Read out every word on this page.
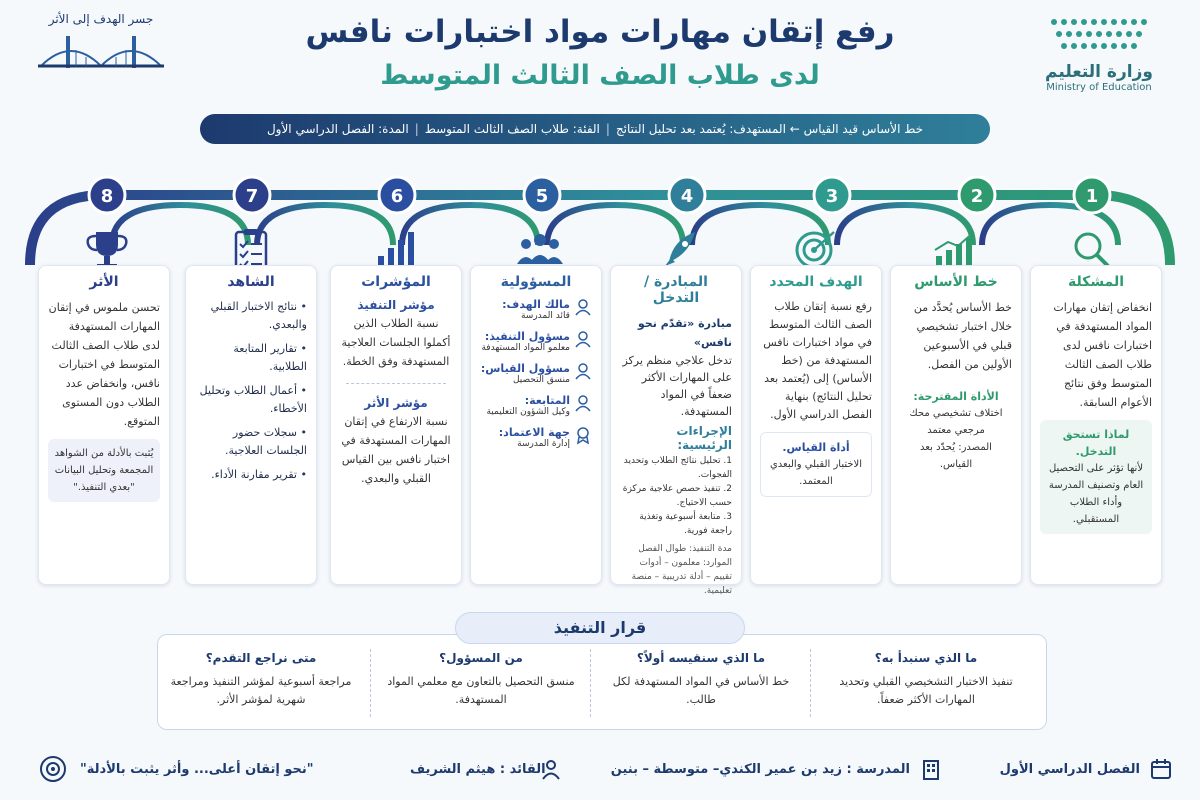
جسر الهدف إلى الأثر	رفع إتقان مهارات مواد اختبارات نافس
لدى طلاب الصف الثالث المتوسط	وزارة التعليم
Ministry of Education
خط الأساس قيد القياس ← المستهدف: يُعتمد بعد تحليل النتائج
|
الفئة: طلاب الصف الثالث المتوسط
|
المدة: الفصل الدراسي الأول
8	7	6	5	4	3	2	1
المشكلة
انخفاض إتقان مهارات المواد المستهدفة في اختبارات نافس لدى طلاب الصف الثالث المتوسط وفق نتائج الأعوام السابقة.
لماذا تستحق التدخل.
لأنها تؤثر على التحصيل العام وتصنيف المدرسة وأداء الطلاب المستقبلي.
خط الأساس
خط الأساس يُحدَّد من خلال اختبار تشخيصي قبلي في الأسبوعين الأولين من الفصل.
الأداة المقترحة:
اختلاف تشخيصي محك مرجعي معتمد
المصدر: يُحدّد بعد القياس.
الهدف المحدد
رفع نسبة إتقان طلاب الصف الثالث المتوسط في مواد اختبارات نافس المستهدفة من (خط الأساس) إلى (يُعتمد بعد تحليل النتائج) بنهاية الفصل الدراسي الأول.
أداة القياس.
الاختبار القبلي والبعدي المعتمد.
المبادرة / التدخل
مبادرة «تقدّم نحو نافس»
تدخل علاجي منظم يركز على المهارات الأكثر ضعفاً في المواد المستهدفة.
الإجراءات الرئيسية:
1. تحليل نتائج الطلاب وتحديد الفجوات.
2. تنفيذ حصص علاجية مركزة حسب الاحتياج.
3. متابعة أسبوعية وتغذية راجعة فورية.
مدة التنفيذ: طوال الفصل
الموارد: معلمون – أدوات تقييم – أدلة تدريبية – منصة تعليمية.
المسؤولية
مالك الهدف:
قائد المدرسة
مسؤول التنفيذ:
معلمو المواد المستهدفة
مسؤول القياس:
منسق التحصيل
المتابعة:
وكيل الشؤون التعليمية
جهة الاعتماد:
إدارة المدرسة
المؤشرات
مؤشر التنفيذ
نسبة الطلاب الذين أكملوا الجلسات العلاجية المستهدفة وفق الخطة.
مؤشر الأثر
نسبة الارتفاع في إتقان المهارات المستهدفة في اختبار نافس بين القياس القبلي والبعدي.
الشاهد
• نتائج الاختبار القبلي والبعدي.
• تقارير المتابعة الطلابية.
• أعمال الطلاب وتحليل الأخطاء.
• سجلات حضور الجلسات العلاجية.
• تقرير مقارنة الأداء.
الأثر
تحسن ملموس في إتقان المهارات المستهدفة لدى طلاب الصف الثالث المتوسط في اختبارات نافس، وانخفاض عدد الطلاب دون المستوى المتوقع.
يُثبت بالأدلة من الشواهد المجمعة وتحليل البيانات "بعدي التنفيذ."
ما الذي سنبدأ به؟
تنفيذ الاختبار التشخيصي القبلي وتحديد المهارات الأكثر ضعفاً.
ما الذي سنقيسه أولاً؟
خط الأساس في المواد المستهدفة لكل طالب.
من المسؤول؟
منسق التحصيل بالتعاون مع معلمي المواد المستهدفة.
متى نراجع التقدم؟
مراجعة أسبوعية لمؤشر التنفيذ ومراجعة شهرية لمؤشر الأثر.
قرار التنفيذ
الفصل الدراسي الأول
المدرسة : زيد بن عمير الكندي– متوسطة – بنين
القائد : هيثم الشريف
"نحو إتقان أعلى... وأثر يثبت بالأدلة"
